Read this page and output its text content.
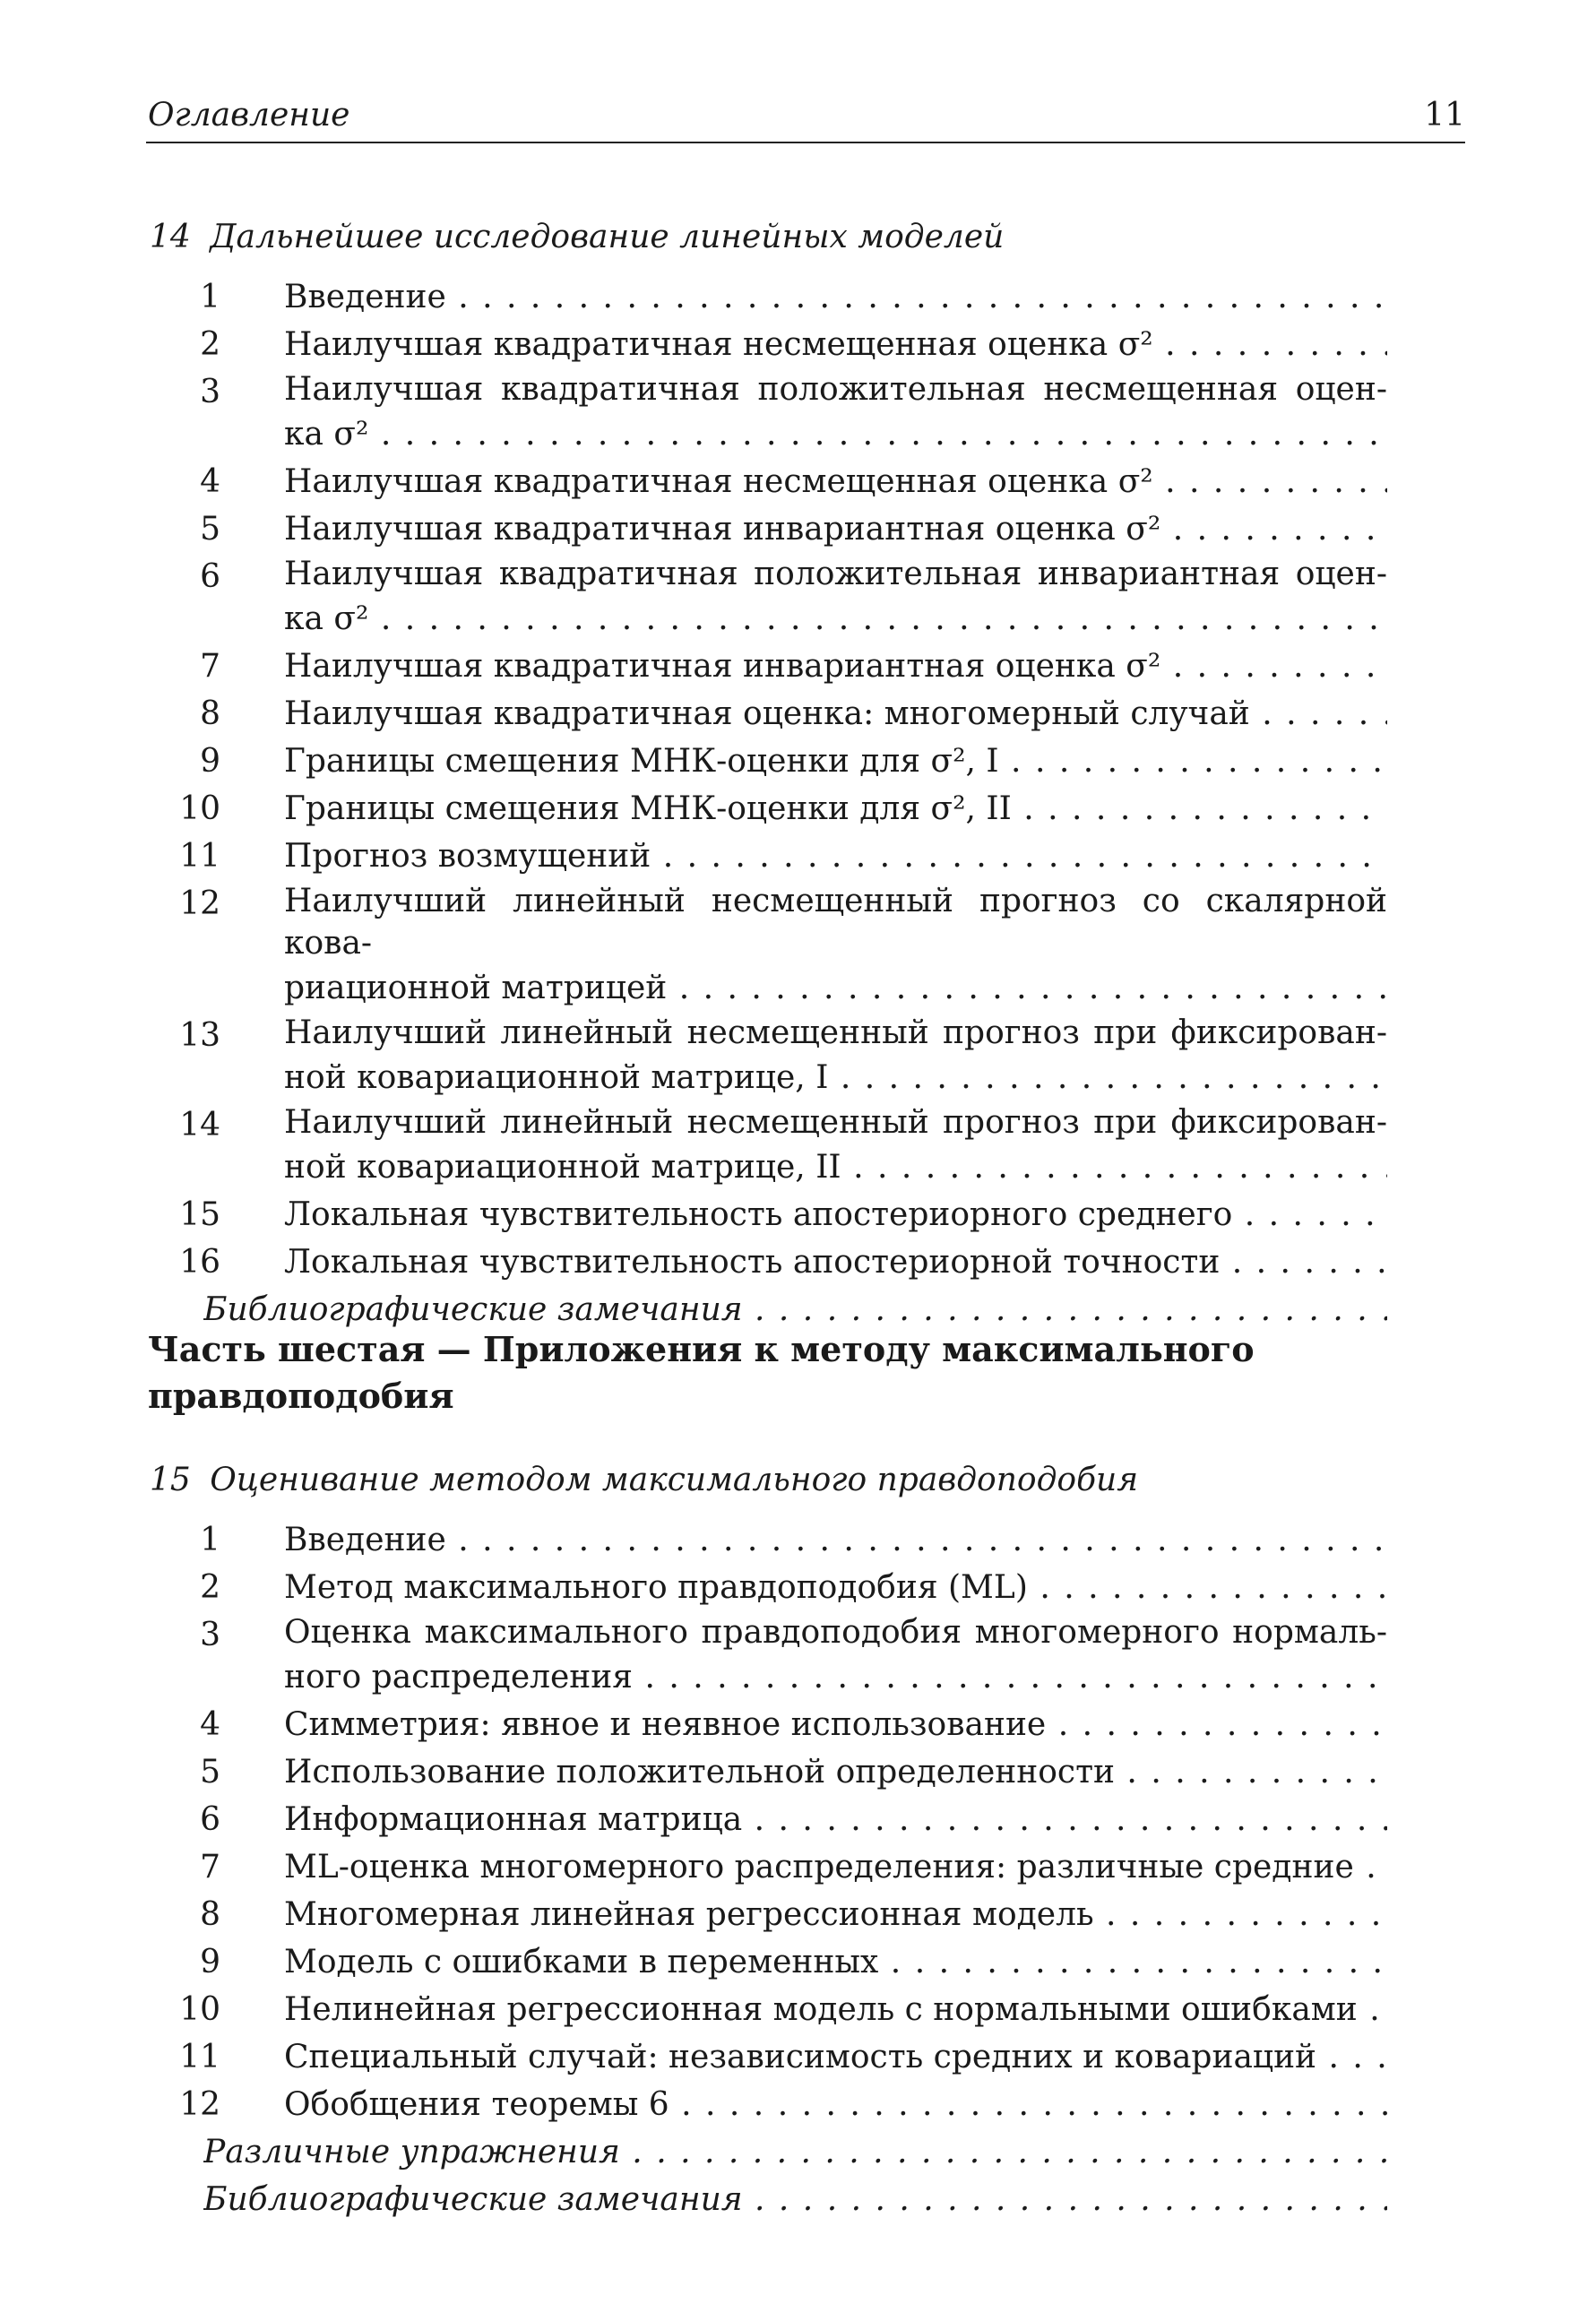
Оглавление	11
14 Дальнейшее исследование линейных моделей
1 Введение . . .
2 Наилучшая квадратичная несмещенная оценка σ² . . .
3 Наилучшая квадратичная положительная несмещенная оцен-
ка σ² . . .
4 Наилучшая квадратичная несмещенная оценка σ² . . .
5 Наилучшая квадратичная инвариантная оценка σ² . . .
6 Наилучшая квадратичная положительная инвариантная оцен-
ка σ² . . .
7 Наилучшая квадратичная инвариантная оценка σ² . . .
8 Наилучшая квадратичная оценка: многомерный случай . . .
9 Границы смещения МНК-оценки для σ², I . . .
10 Границы смещения МНК-оценки для σ², II . . .
11 Прогноз возмущений . . .
12 Наилучший линейный несмещенный прогноз со скалярной кова-
риационной матрицей . . .
13 Наилучший линейный несмещенный прогноз при фиксирован-
ной ковариационной матрице, I . . .
14 Наилучший линейный несмещенный прогноз при фиксирован-
ной ковариационной матрице, II . . .
15 Локальная чувствительность апостериорного среднего . . .
16 Локальная чувствительность апостериорной точности . . .
Библиографические замечания . . .
Часть шестая — Приложения к методу максимального правдоподобия
15 Оценивание методом максимального правдоподобия
1 Введение . . .
2 Метод максимального правдоподобия (ML) . . .
3 Оценка максимального правдоподобия многомерного нормаль-
ного распределения . . .
4 Симметрия: явное и неявное использование . . .
5 Использование положительной определенности . . .
6 Информационная матрица . . .
7 ML-оценка многомерного распределения: различные средние . . .
8 Многомерная линейная регрессионная модель . . .
9 Модель с ошибками в переменных . . .
10 Нелинейная регрессионная модель с нормальными ошибками . . .
11 Специальный случай: независимость средних и ковариаций . . .
12 Обобщения теоремы 6 . . .
Различные упражнения . . .
Библиографические замечания . . .
